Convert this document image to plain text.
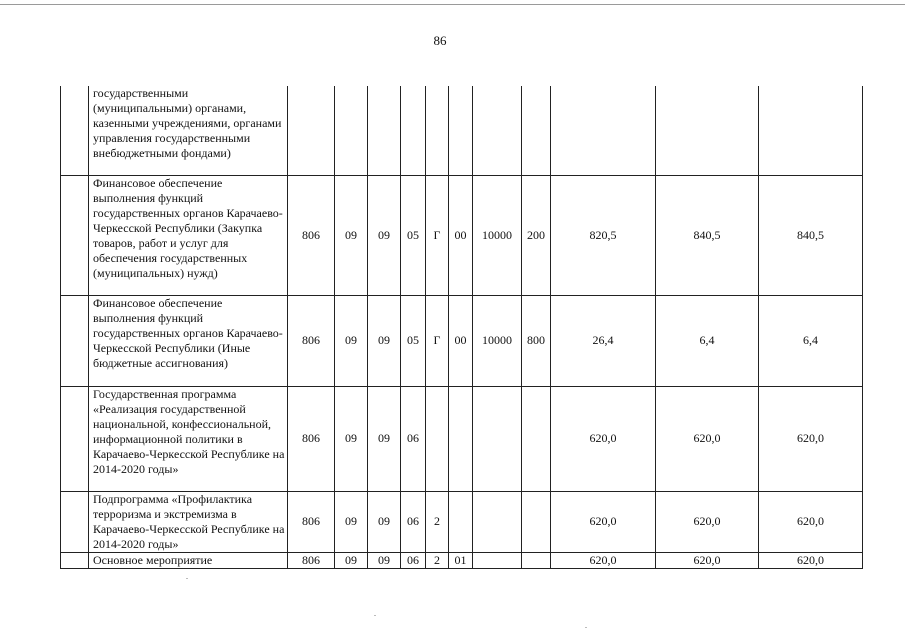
86
	государственными (муниципальными) органами, казенными учреждениями, органами управления государственными внебюджетными фондами)											
	Финансовое обеспечение выполнения функций государственных органов Карачаево-Черкесской Республики (Закупка товаров, работ и услуг для обеспечения государственных (муниципальных) нужд)	806	09	09	05	Г	00	10000	200	820,5	840,5	840,5
	Финансовое обеспечение выполнения функций государственных органов Карачаево-Черкесской Республики (Иные бюджетные ассигнования)	806	09	09	05	Г	00	10000	800	26,4	6,4	6,4
	Государственная программа «Реализация государственной национальной, конфессиональной, информационной политики в Карачаево-Черкесской Республике на 2014-2020 годы»	806	09	09	06					620,0	620,0	620,0
	Подпрограмма «Профилактика терроризма и экстремизма в Карачаево-Черкесской Республике на 2014-2020 годы»	806	09	09	06	2				620,0	620,0	620,0
	Основное мероприятие	806	09	09	06	2	01			620,0	620,0	620,0
